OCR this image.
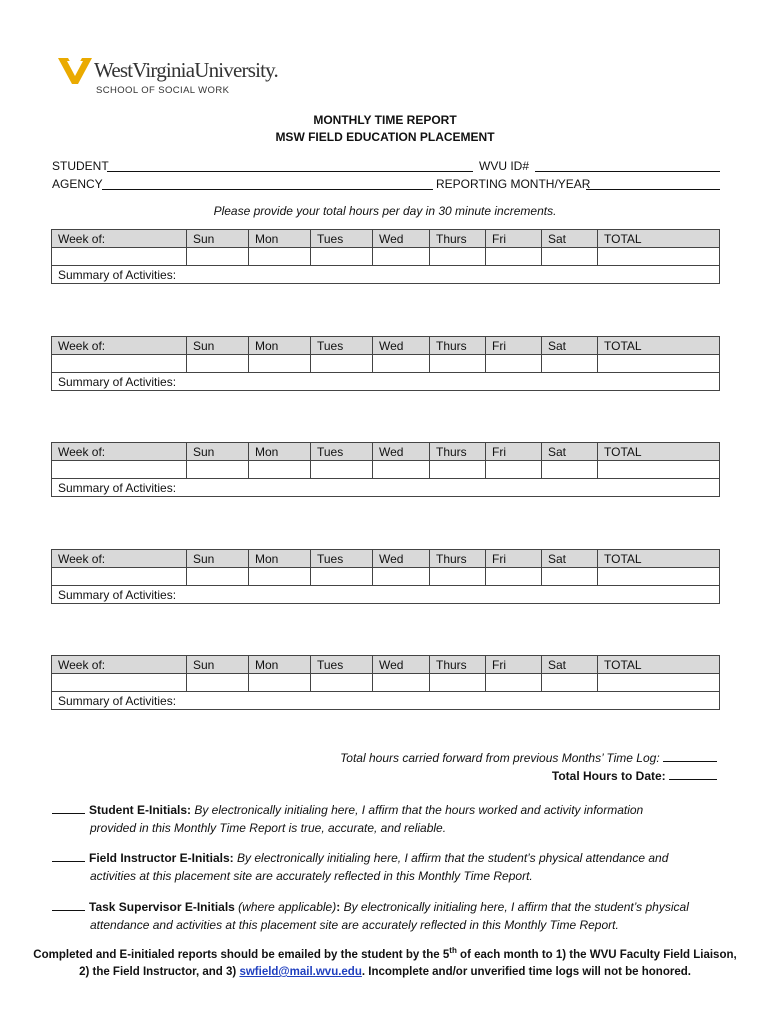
WestVirginiaUniversity.
SCHOOL OF SOCIAL WORK
MONTHLY TIME REPORT
MSW FIELD EDUCATION PLACEMENT
STUDENT	WVU ID#
AGENCY	REPORTING MONTH/YEAR
Please provide your total hours per day in 30 minute increments.
Week of:	Sun	Mon	Tues	Wed	Thurs	Fri	Sat	TOTAL

Summary of Activities:								
Week of:	Sun	Mon	Tues	Wed	Thurs	Fri	Sat	TOTAL

Summary of Activities:								
Week of:	Sun	Mon	Tues	Wed	Thurs	Fri	Sat	TOTAL

Summary of Activities:								
Week of:	Sun	Mon	Tues	Wed	Thurs	Fri	Sat	TOTAL

Summary of Activities:								
Week of:	Sun	Mon	Tues	Wed	Thurs	Fri	Sat	TOTAL

Summary of Activities:								
Total hours carried forward from previous Months’ Time Log:
Total Hours to Date:
Student E-Initials: By electronically initialing here, I affirm that the hours worked and activity information
provided in this Monthly Time Report is true, accurate, and reliable.
Field Instructor E-Initials: By electronically initialing here, I affirm that the student’s physical attendance and
activities at this placement site are accurately reflected in this Monthly Time Report.
Task Supervisor E-Initials (where applicable): By electronically initialing here, I affirm that the student’s physical
attendance and activities at this placement site are accurately reflected in this Monthly Time Report.
Completed and E-initialed reports should be emailed by the student by the 5th of each month to 1) the WVU Faculty Field Liaison,
2) the Field Instructor, and 3) swfield@mail.wvu.edu. Incomplete and/or unverified time logs will not be honored.
